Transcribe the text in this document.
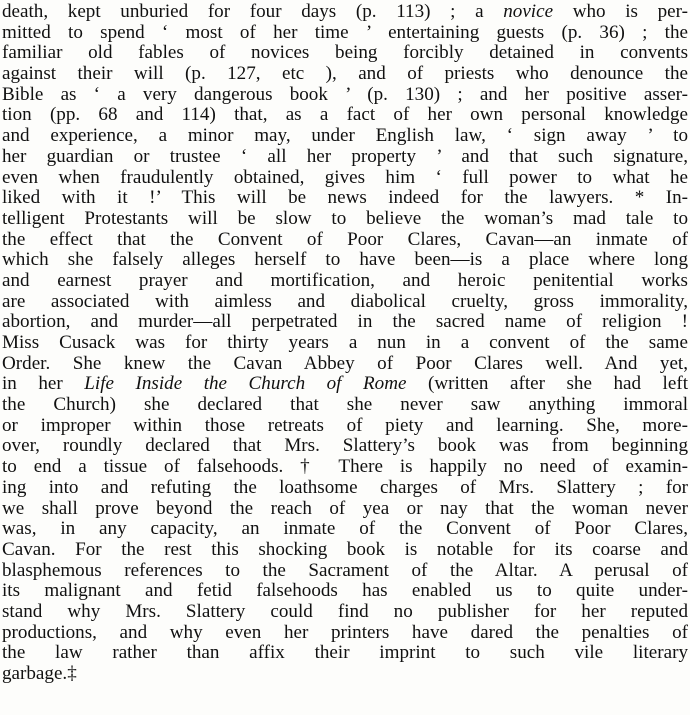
death, kept unburied for four days (p. 113) ; a novice who is per-
mitted to spend ‘ most of her time ’ entertaining guests (p. 36) ; the
familiar old fables of novices being forcibly detained in convents
against their will (p. 127, etc ), and of priests who denounce the
Bible as ‘ a very dangerous book ’ (p. 130) ; and her positive asser-
tion (pp. 68 and 114) that, as a fact of her own personal knowledge
and experience, a minor may, under English law, ‘ sign away ’ to
her guardian or trustee ‘ all her property ’ and that such signature,
even when fraudulently obtained, gives him ‘ full power to what he
liked with it !’ This will be news indeed for the lawyers. * In-
telligent Protestants will be slow to believe the woman’s mad tale to
the effect that the Convent of Poor Clares, Cavan—an inmate of
which she falsely alleges herself to have been—is a place where long
and earnest prayer and mortification, and heroic penitential works
are associated with aimless and diabolical cruelty, gross immorality,
abortion, and murder—all perpetrated in the sacred name of religion !
Miss Cusack was for thirty years a nun in a convent of the same
Order. She knew the Cavan Abbey of Poor Clares well. And yet,
in her Life Inside the Church of Rome (written after she had left
the Church) she declared that she never saw anything immoral
or improper within those retreats of piety and learning. She, more-
over, roundly declared that Mrs. Slattery’s book was from beginning
to end a tissue of falsehoods. † There is happily no need of examin-
ing into and refuting the loathsome charges of Mrs. Slattery ; for
we shall prove beyond the reach of yea or nay that the woman never
was, in any capacity, an inmate of the Convent of Poor Clares,
Cavan. For the rest this shocking book is notable for its coarse and
blasphemous references to the Sacrament of the Altar. A perusal of
its malignant and fetid falsehoods has enabled us to quite under-
stand why Mrs. Slattery could find no publisher for her reputed
productions, and why even her printers have dared the penalties of
the law rather than affix their imprint to such vile literary
garbage.‡
